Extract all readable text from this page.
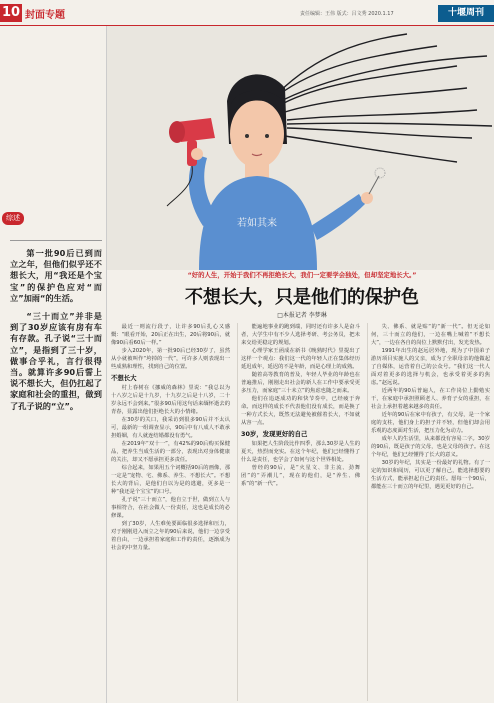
10 封面专题	责任编辑：王伟 版式：吕文秀 2020.1.17	十堰周刊
综述

第一批90后已到而立之年，但他们似乎还不想长大，用“我还是个宝宝”的保护色应对“而立”加雨“的生活。

“三十而立”并非是到了30岁应该有房有车有存款。孔子说“三十而立”，是指到了三十岁，做事合乎礼，言行很得当。就算许多90后誓上说不想长大，但仍扛起了家庭和社会的重担，做到了孔子说的“立”。

若如其来
“好的人生，开始于我们不再拒绝长大，我们一定要学会独处，但却坚定地长大。”
不想长大，只是他们的保护色
□本报记者 李梦琳

最近一则流行段子，让许多90后扎心又感慨：“眼看开始，20后正在出生，20后将90后，就像90后看60后一样。”

步入2020年，第一批90后已经30岁了，虽然从小就被叫作“垮掉的一代”，可许多人则表现出一些成熟和理性，找到自己的位置。

不想长大

村上春树在《挪威的森林》里说：“我总以为十八岁之后是十九岁，十九岁之后是十八岁，二十岁永远不会到来。”很多90后用这句话来缅怀逝去的青春，显露出他们拒绝长大的小情绪。

在30岁的关口，我采访到很多90后并不太认可，最新的一组调查显示，90后中有八成人不敢承担婚姻，有人就连结婚都没有勇气。

在2019年“双十一”，有42%的90后购买保健品，把养生当成生活的一部分，表现出对身体健康的关注，却又不愿承担更多责任。

综合起来，如果用五个词概括90后的画像，那一定是“宠物、宅、佛系、养生、不想长大”。不想长大的背后，是他们自以为是的逃避，更多是一种“我还是个宝宝”的口号。

孔子说“三十而立”，他自立于世，做到立人与事相符合，在社会做人一份责任，这也是成长的必修课。

到了30岁，人生难免要面临很多选择和压力，对于刚刚进入而立之年的90后来说，他们一边享受着自由，一边承担着家庭和工作的责任，逐渐成为社会的中坚力量。

能遍地事业的跑到端，同时还有许多人是奋斗者，大学生中有不少人选择考研、考公务员，把未来交给更稳定的规划。

心理学家王函成在新书《晚熟时代》里提出了这样一个观点：我们这一代的年轻人正在集体经历延迟成年，延迟的不是年龄，而是心理上的成熟。

随着高等教育的普及，年轻人毕业的年龄也在普遍推后，刚刚走出社会的新人在工作中要承受更多压力，而家庭“三十未立”的焦虑也随之而来。

他们在追逐成功的和快节奏中，已经疲于奔命。而这样的成长不代表他们没有成长，而是换了一种方式长大，既然无法避免被催着长大，不如就从容一点。

30岁，发现更好的自己

如果把人生阶段比作四季，那么30岁是人生的夏天，热烈而充实。在这个年纪，他们已经懂得了什么是责任，也学会了如何与这个世界相处。

曾经的90后，是“火星文、非主流、劲舞团”的“弄潮儿”，现在的他们，是“养生、佛系”的“新一代”。

失、佛系、就是贴“的“新一代”。但无论如何，三十而立的他们，一边在嘴上喊着“不想长大”，一边在各自的岗位上默默付出，发光发热。

1991年出生的赵远居外地，现为了中国弟子游历项目实施人的父亲，成为了全职母亲的他做起了自媒体，运营着自己的公众号。“我们这一代人面对着更多的选择与机会，也承受着更多的焦虑。”赵远说。

近两年的90后普遍人，在工作岗位上勤勉实干，在家庭中承担照顾老人、养育子女的重担，在社会上承担着越来越多的责任。

近年的90后在家中有孩子，有父母，是一个家庭的支柱，他们身上的担子并不轻，但他们却会用乐观的态度面对生活，把压力化为动力。

成年人的生活里，从来都没有容易二字。30岁的90后，既是孩子的父母，也是父母的孩子。在这个年纪，他们已经懂得了长大的意义。

30岁的年纪，其实是一份最好的礼物。有了一定的知识和阅历，可以更了解自己，能选择想要的生活方式，能承担起自己的责任。愿每一个90后，都能在三十而立的年纪里，遇见更好的自己。
